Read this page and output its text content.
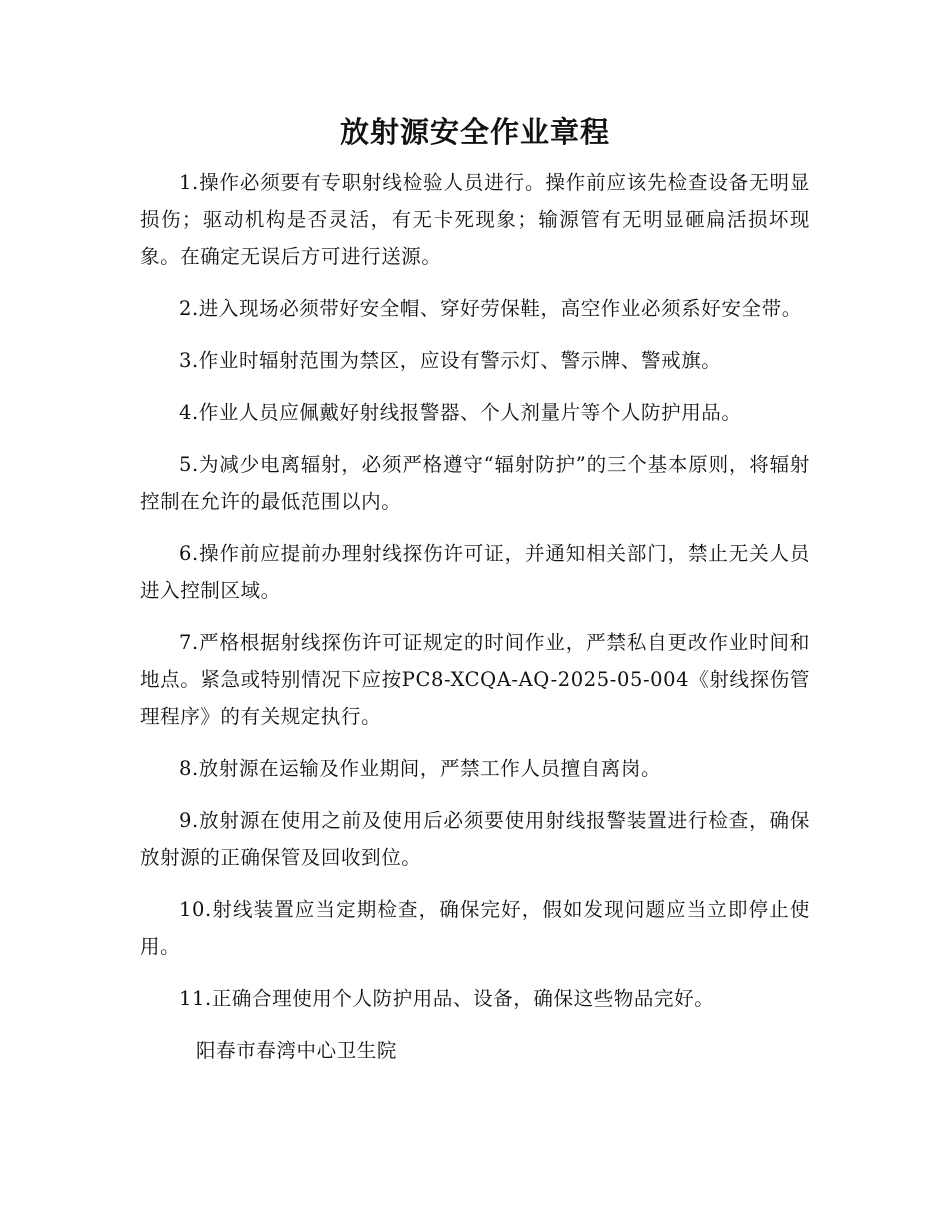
放射源安全作业章程

1.操作必须要有专职射线检验人员进行。操作前应该先检查设备无明显损伤；驱动机构是否灵活，有无卡死现象；输源管有无明显砸扁活损坏现象。在确定无误后方可进行送源。

2.进入现场必须带好安全帽、穿好劳保鞋，高空作业必须系好安全带。

3.作业时辐射范围为禁区，应设有警示灯、警示牌、警戒旗。

4.作业人员应佩戴好射线报警器、个人剂量片等个人防护用品。

5.为减少电离辐射，必须严格遵守“辐射防护”的三个基本原则，将辐射控制在允许的最低范围以内。

6.操作前应提前办理射线探伤许可证，并通知相关部门，禁止无关人员进入控制区域。

7.严格根据射线探伤许可证规定的时间作业，严禁私自更改作业时间和地点。紧急或特别情况下应按PC8-XCQA-AQ-2025-05-004《射线探伤管理程序》的有关规定执行。

8.放射源在运输及作业期间，严禁工作人员擅自离岗。

9.放射源在使用之前及使用后必须要使用射线报警装置进行检查，确保放射源的正确保管及回收到位。

10.射线装置应当定期检查，确保完好，假如发现问题应当立即停止使用。

11.正确合理使用个人防护用品、设备，确保这些物品完好。

阳春市春湾中心卫生院
